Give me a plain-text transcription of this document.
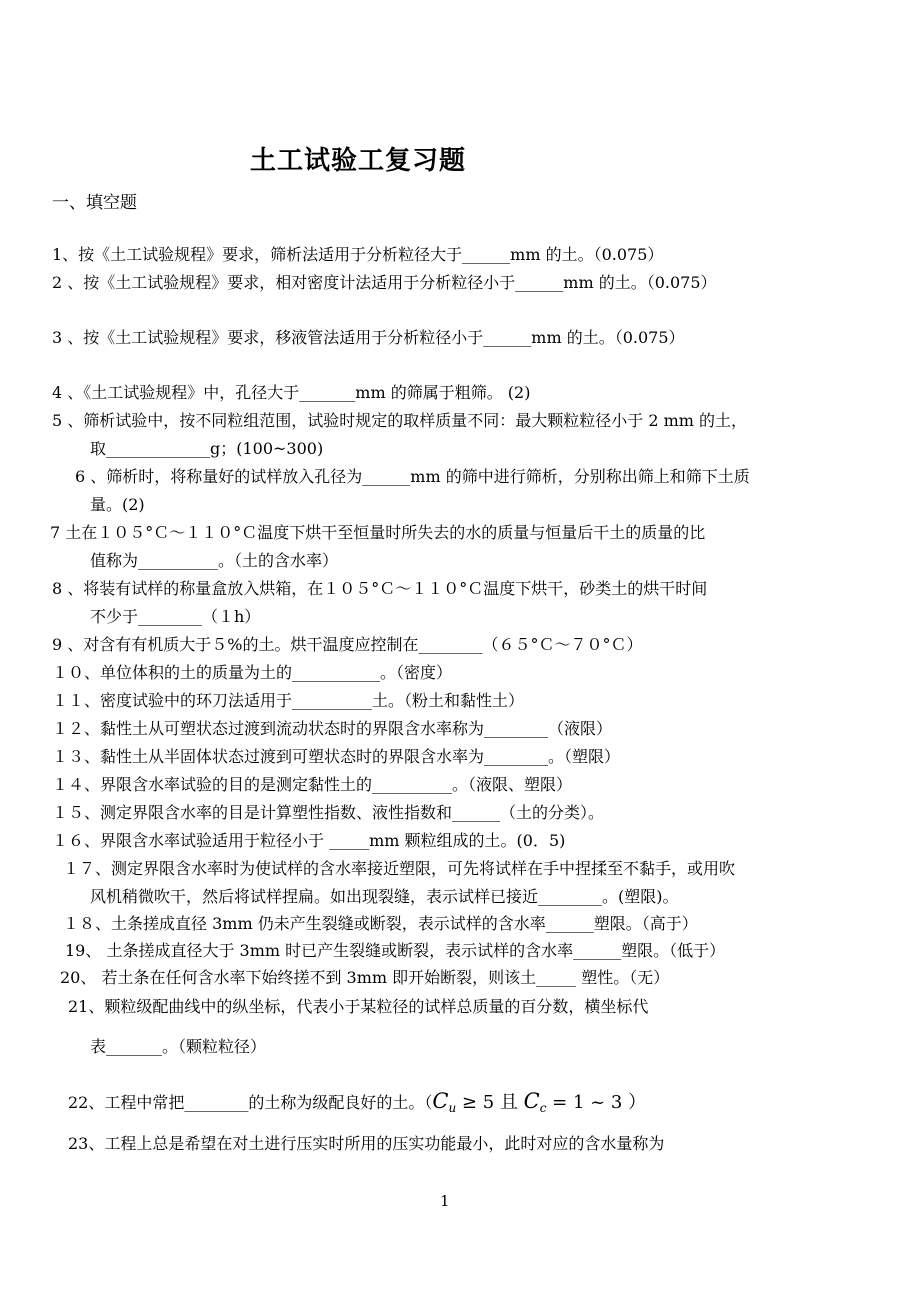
土工试验工复习题
一、填空题
1、按《土工试验规程》要求，筛析法适用于分析粒径大于______mm 的土。（0.075）
2 、按《土工试验规程》要求，相对密度计法适用于分析粒径小于______mm 的土。（0.075）
3 、按《土工试验规程》要求，移液管法适用于分析粒径小于______mm 的土。（0.075）
4 、《土工试验规程》中，孔径大于_______mm 的筛属于粗筛。 (2)
5 、筛析试验中，按不同粒组范围，试验时规定的取样质量不同：最大颗粒粒径小于 2 mm 的土，
取_____________g；(100~300)
6 、筛析时，将称量好的试样放入孔径为______mm 的筛中进行筛析，分别称出筛上和筛下土质
量。(2)
7 土在１０５°Ｃ～１１０°Ｃ温度下烘干至恒量时所失去的水的质量与恒量后干土的质量的比
值称为__________。（土的含水率）
8 、将装有试样的称量盒放入烘箱，在１０５°Ｃ～１１０°Ｃ温度下烘干，砂类土的烘干时间
不少于________（１h）
9 、对含有有机质大于５%的土。烘干温度应控制在________（６５°Ｃ～７０°Ｃ）
１０、单位体积的土的质量为土的___________。（密度）
１１、密度试验中的环刀法适用于__________土。（粉土和黏性土）
１２、黏性土从可塑状态过渡到流动状态时的界限含水率称为________（液限）
１３、黏性土从半固体状态过渡到可塑状态时的界限含水率为________。（塑限）
１４、界限含水率试验的目的是测定黏性土的__________。（液限、塑限）
１５、测定界限含水率的目是计算塑性指数、液性指数和______（土的分类）。
１６、界限含水率试验适用于粒径小于 _____mm 颗粒组成的土。(0．5)
１７、测定界限含水率时为使试样的含水率接近塑限，可先将试样在手中捏揉至不黏手，或用吹
风机稍微吹干，然后将试样捏扁。如出现裂缝，表示试样已接近________。(塑限)。
１８、土条搓成直径 3mm 仍未产生裂缝或断裂，表示试样的含水率______塑限。（高于）
19、 土条搓成直径大于 3mm 时已产生裂缝或断裂，表示试样的含水率______塑限。（低于）
20、 若土条在任何含水率下始终搓不到 3mm 即开始断裂，则该土_____ 塑性。（无）
21、颗粒级配曲线中的纵坐标，代表小于某粒径的试样总质量的百分数，横坐标代
表_______。（颗粒粒径）
22、工程中常把________的土称为级配良好的土。（$C_u \ge 5$ 且 $C_c = 1$ ~ 3 ）
23、工程上总是希望在对土进行压实时所用的压实功能最小，此时对应的含水量称为
1
